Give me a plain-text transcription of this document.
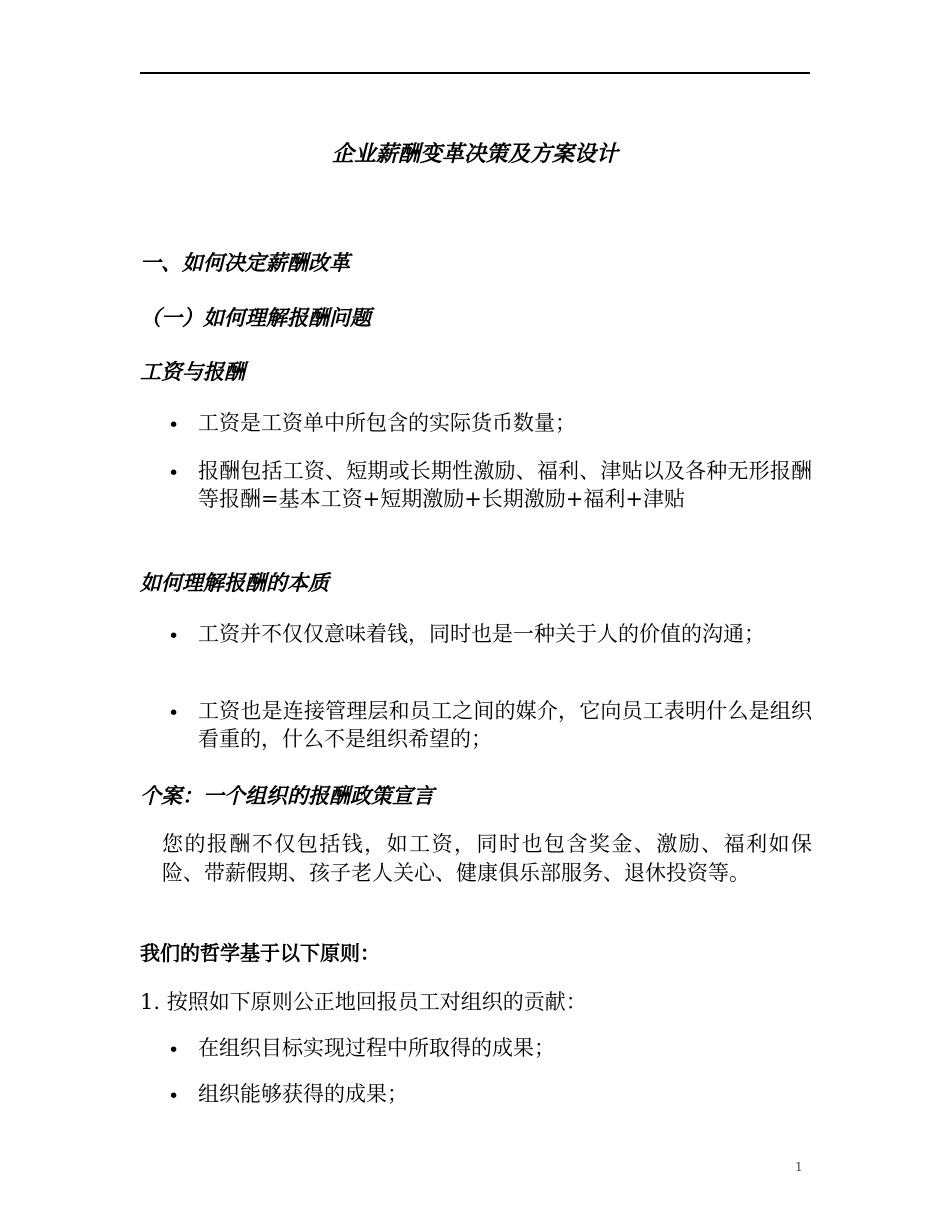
企业薪酬变革决策及方案设计
一、如何决定薪酬改革
（一）如何理解报酬问题
工资与报酬
• 工资是工资单中所包含的实际货币数量；
• 报酬包括工资、短期或长期性激励、福利、津贴以及各种无形报酬等报酬=基本工资+短期激励+长期激励+福利+津贴
如何理解报酬的本质
• 工资并不仅仅意味着钱，同时也是一种关于人的价值的沟通；
• 工资也是连接管理层和员工之间的媒介，它向员工表明什么是组织看重的，什么不是组织希望的；
个案：一个组织的报酬政策宣言
您的报酬不仅包括钱，如工资，同时也包含奖金、激励、福利如保险、带薪假期、孩子老人关心、健康俱乐部服务、退休投资等。
我们的哲学基于以下原则：
1. 按照如下原则公正地回报员工对组织的贡献：
• 在组织目标实现过程中所取得的成果；
• 组织能够获得的成果；
1
